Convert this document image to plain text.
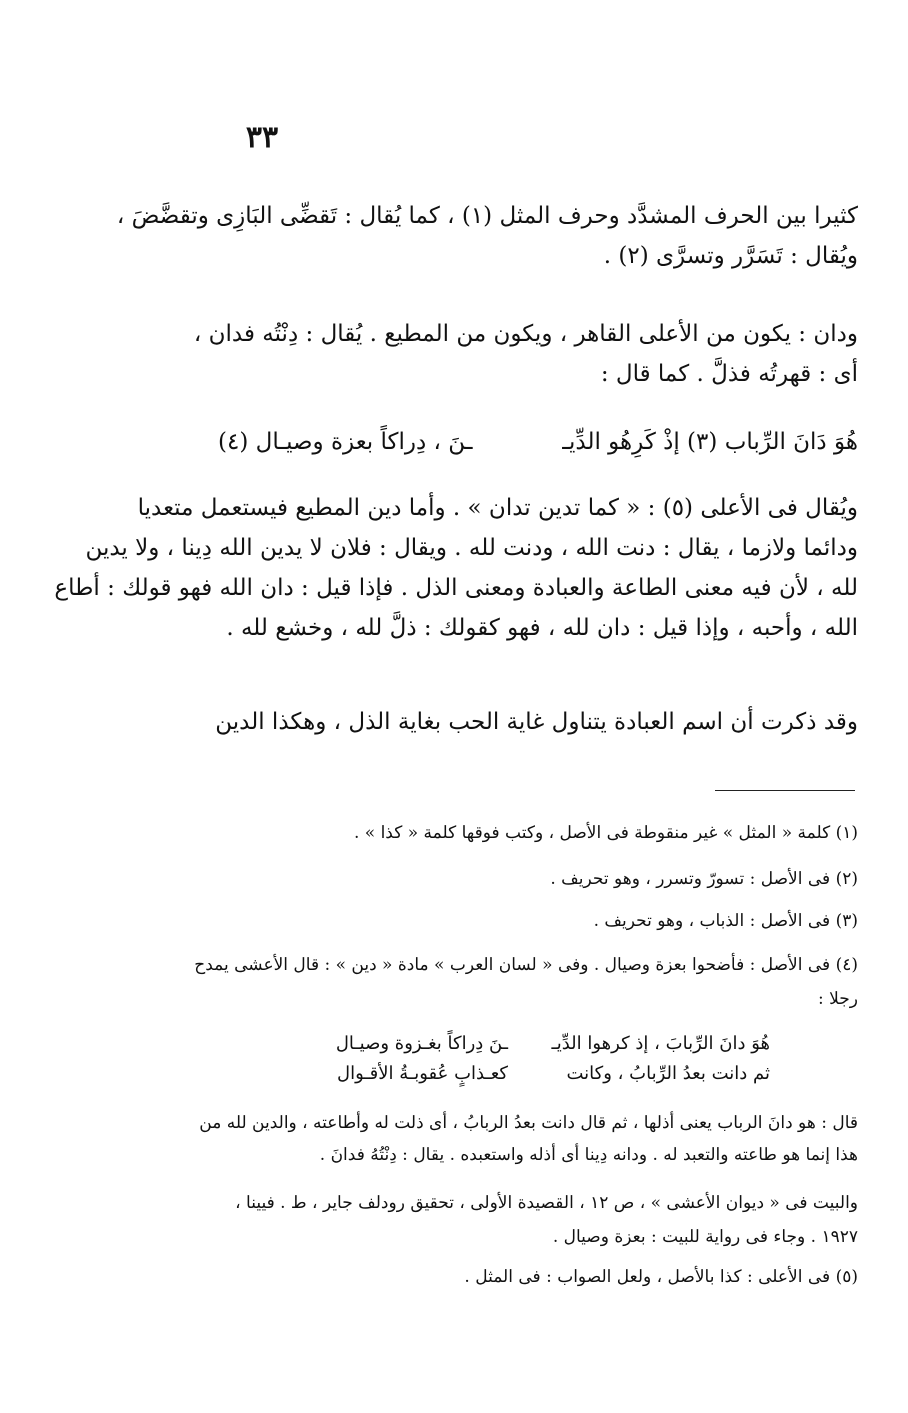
٣٣
كثيرا بين الحرف المشدَّد وحرف المثل (١) ، كما يُقال : تَقضِّى البَازِى وتقضَّضَ ،
ويُقال : تَسَرَّر وتسرَّى (٢) .
ودان : يكون من الأعلى القاهر ، ويكون من المطيع . يُقال : دِنْتُه فدان ،
أى : قهرتُه فذلَّ . كما قال :
هُوَ دَانَ الرِّباب (٣) إذْ كَرِهُو الدِّيـ
ـنَ ، دِراكاً بعزة وصيـال (٤)
ويُقال فى الأعلى (٥) : « كما تدين تدان » . وأما دين المطيع فيستعمل متعديا
ودائما ولازما ، يقال : دنت الله ، ودنت لله . ويقال : فلان لا يدين الله دِينا ، ولا يدين
لله ، لأن فيه معنى الطاعة والعبادة ومعنى الذل . فإذا قيل : دان الله فهو قولك : أطاع
الله ، وأحبه ، وإذا قيل : دان لله ، فهو كقولك : ذلَّ لله ، وخشع لله .
وقد ذكرت أن اسم العبادة يتناول غاية الحب بغاية الذل ، وهكذا الدين
(١) كلمة « المثل » غير منقوطة فى الأصل ، وكتب فوقها كلمة « كذا » .
(٢) فى الأصل : تسورّ وتسرر ، وهو تحريف .
(٣) فى الأصل : الذباب ، وهو تحريف .
(٤) فى الأصل : فأضحوا بعزة وصيال . وفى « لسان العرب » مادة « دين » : قال الأعشى يمدح
رجلا :
هُوَ دانَ الرِّبابَ ، إذ كرهوا الدِّيـ
ـنَ دِراكاً بغـزوة وصيـال
ثم دانت بعدُ الرِّبابُ ، وكانت
كعـذابٍ عُقوبـةُ الأقـوال
قال : هو دانَ الرباب يعنى أذلها ، ثم قال دانت بعدُ الربابُ ، أى ذلت له وأطاعته ، والدين لله من
هذا إنما هو طاعته والتعبد له . ودانه دِينا أى أذله واستعبده . يقال : دِنْتُهُ فدانَ .
والبيت فى « ديوان الأعشى » ، ص ١٢ ، القصيدة الأولى ، تحقيق رودلف جاير ، ط . فيينا ،
١٩٢٧ . وجاء فى رواية للبيت : بعزة وصيال .
(٥) فى الأعلى : كذا بالأصل ، ولعل الصواب : فى المثل .
